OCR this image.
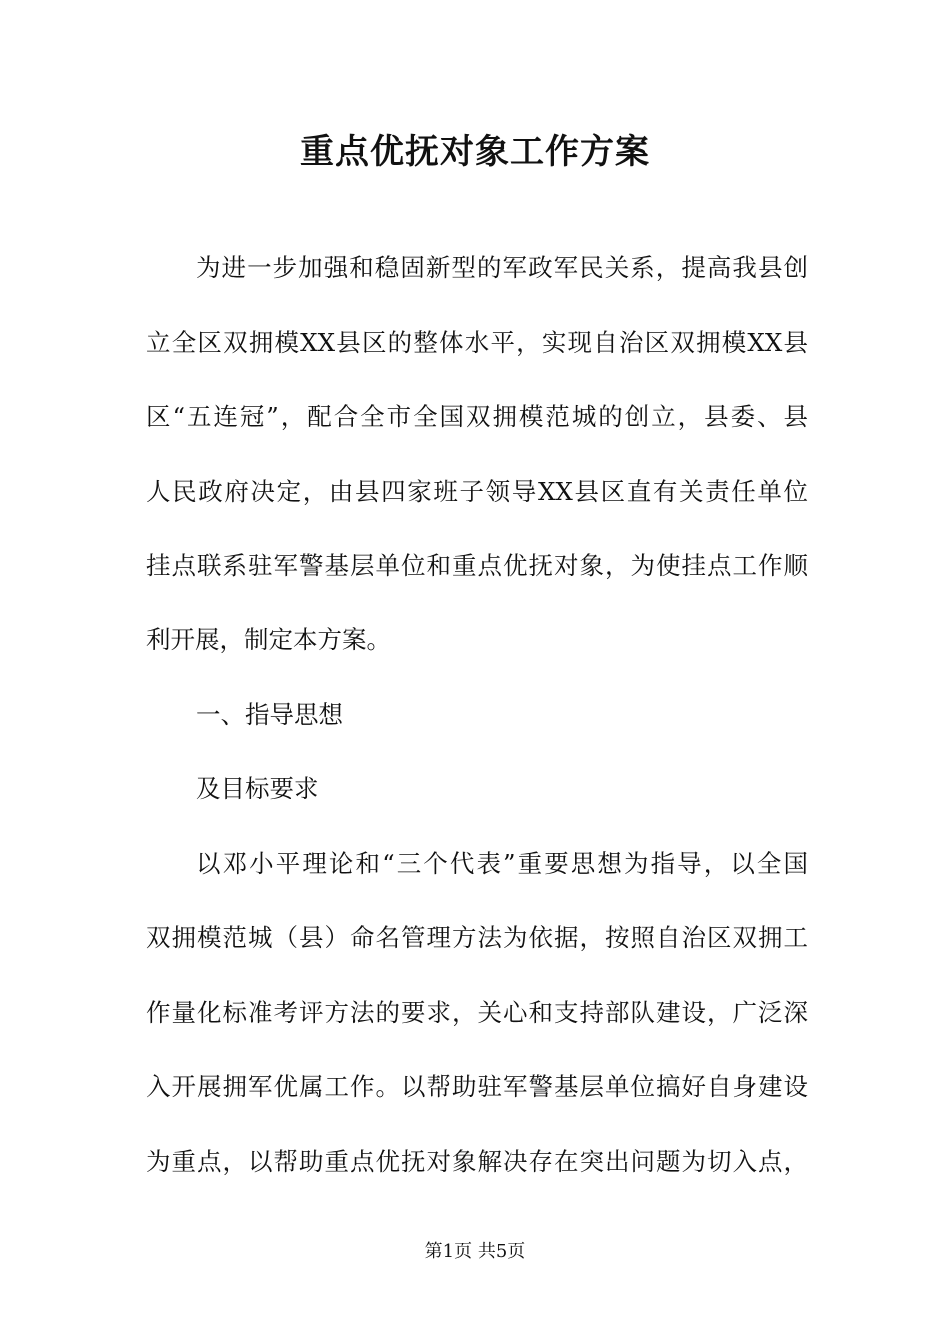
重点优抚对象工作方案
为进一步加强和稳固新型的军政军民关系，提高我县创
立全区双拥模XX县区的整体水平，实现自治区双拥模XX县
区“五连冠”，配合全市全国双拥模范城的创立，县委、县
人民政府决定，由县四家班子领导XX县区直有关责任单位
挂点联系驻军警基层单位和重点优抚对象，为使挂点工作顺
利开展，制定本方案。
一、指导思想
及目标要求
以邓小平理论和“三个代表”重要思想为指导，以全国
双拥模范城（县）命名管理方法为依据，按照自治区双拥工
作量化标准考评方法的要求，关心和支持部队建设，广泛深
入开展拥军优属工作。以帮助驻军警基层单位搞好自身建设
为重点，以帮助重点优抚对象解决存在突出问题为切入点，
第1页 共5页
